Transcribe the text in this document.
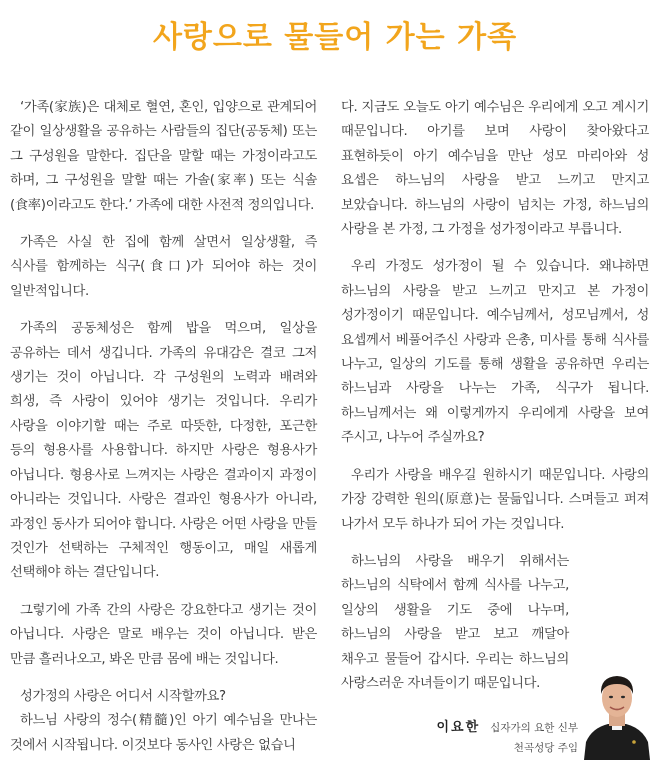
사랑으로 물들어 가는 가족

‘가족(家族)은 대체로 혈연, 혼인, 입양으로 관계되어 같이 일상생활을 공유하는 사람들의 집단(공동체) 또는 그 구성원을 말한다. 집단을 말할 때는 가정이라고도 하며, 그 구성원을 말할 때는 가솔(家率) 또는 식솔(食率)이라고도 한다.’ 가족에 대한 사전적 정의입니다.

가족은 사실 한 집에 함께 살면서 일상생활, 즉 식사를 함께하는 식구(食口)가 되어야 하는 것이 일반적입니다.

가족의 공동체성은 함께 밥을 먹으며, 일상을 공유하는 데서 생깁니다. 가족의 유대감은 결코 그저 생기는 것이 아닙니다. 각 구성원의 노력과 배려와 희생, 즉 사랑이 있어야 생기는 것입니다. 우리가 사랑을 이야기할 때는 주로 따뜻한, 다정한, 포근한 등의 형용사를 사용합니다. 하지만 사랑은 형용사가 아닙니다. 형용사로 느껴지는 사랑은 결과이지 과정이 아니라는 것입니다. 사랑은 결과인 형용사가 아니라, 과정인 동사가 되어야 합니다. 사랑은 어떤 사랑을 만들 것인가 선택하는 구체적인 행동이고, 매일 새롭게 선택해야 하는 결단입니다.

그렇기에 가족 간의 사랑은 강요한다고 생기는 것이 아닙니다. 사랑은 말로 배우는 것이 아닙니다. 받은 만큼 흘러나오고, 봐온 만큼 몸에 배는 것입니다.

성가정의 사랑은 어디서 시작할까요?

하느님 사랑의 정수(精髓)인 아기 예수님을 만나는 것에서 시작됩니다. 이것보다 동사인 사랑은 없습니

다. 지금도 오늘도 아기 예수님은 우리에게 오고 계시기 때문입니다. 아기를 보며 사랑이 찾아왔다고 표현하듯이 아기 예수님을 만난 성모 마리아와 성 요셉은 하느님의 사랑을 받고 느끼고 만지고 보았습니다. 하느님의 사랑이 넘치는 가정, 하느님의 사랑을 본 가정, 그 가정을 성가정이라고 부릅니다.

우리 가정도 성가정이 될 수 있습니다. 왜냐하면 하느님의 사랑을 받고 느끼고 만지고 본 가정이 성가정이기 때문입니다. 예수님께서, 성모님께서, 성 요셉께서 베풀어주신 사랑과 은총, 미사를 통해 식사를 나누고, 일상의 기도를 통해 생활을 공유하면 우리는 하느님과 사랑을 나누는 가족, 식구가 됩니다. 하느님께서는 왜 이렇게까지 우리에게 사랑을 보여 주시고, 나누어 주실까요?

우리가 사랑을 배우길 원하시기 때문입니다. 사랑의 가장 강력한 원의(原意)는 물듦입니다. 스며들고 퍼져 나가서 모두 하나가 되어 가는 것입니다.

하느님의 사랑을 배우기 위해서는 하느님의 식탁에서 함께 식사를 나누고, 일상의 생활을 기도 중에 나누며, 하느님의 사랑을 받고 보고 깨달아 채우고 물들어 갑시다. 우리는 하느님의 사랑스러운 자녀들이기 때문입니다.

이요한 십자가의 요한 신부
천곡성당 주임
